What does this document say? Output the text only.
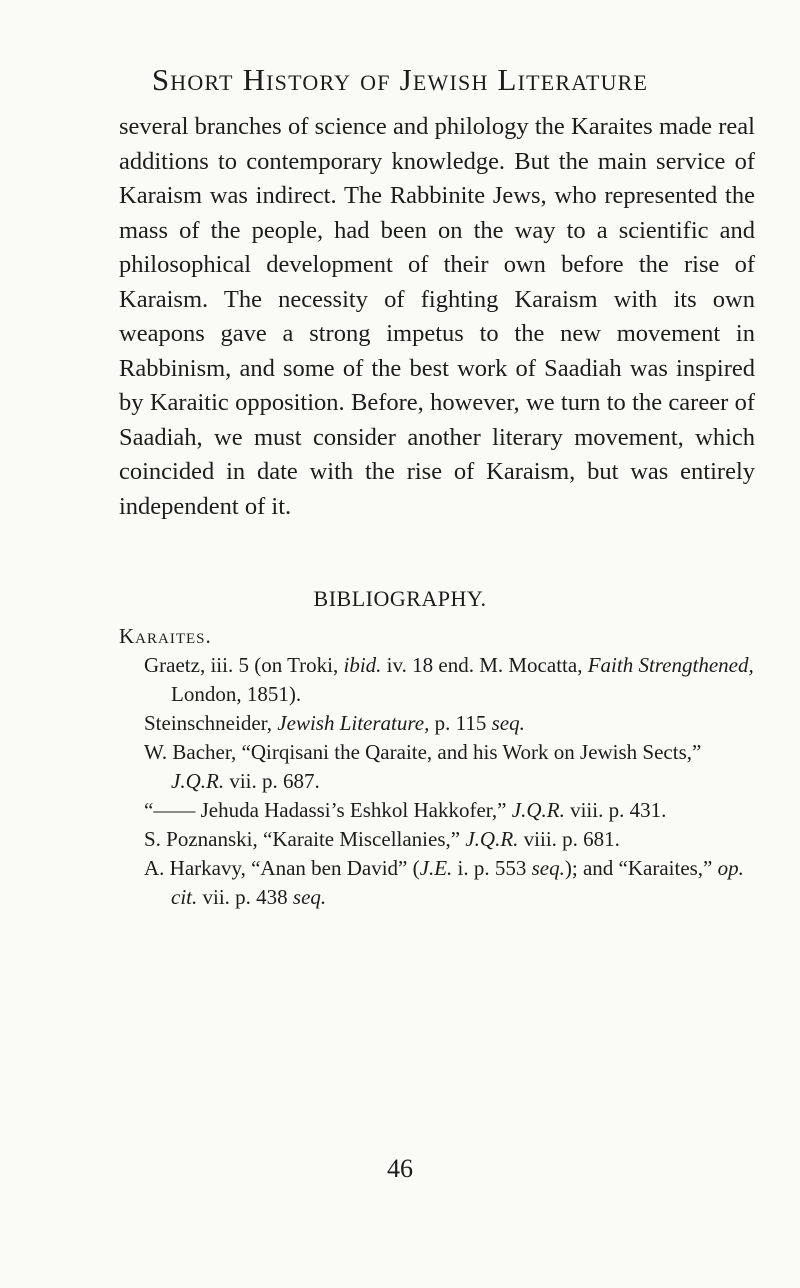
Short History of Jewish Literature

several branches of science and philology the Karaites made real additions to contemporary knowledge. But the main service of Karaism was indirect. The Rabbinite Jews, who represented the mass of the people, had been on the way to a scientific and philosophical development of their own before the rise of Karaism. The necessity of fighting Karaism with its own weapons gave a strong impetus to the new movement in Rabbinism, and some of the best work of Saadiah was inspired by Karaitic opposition. Before, however, we turn to the career of Saadiah, we must consider another literary movement, which coincided in date with the rise of Karaism, but was entirely independent of it.

BIBLIOGRAPHY.
Karaites.
Graetz, iii. 5 (on Troki, ibid. iv. 18 end. M. Mocatta, Faith Strengthened, London, 1851).
Steinschneider, Jewish Literature, p. 115 seq.
W. Bacher, “Qirqisani the Qaraite, and his Work on Jewish Sects,” J.Q.R. vii. p. 687.
“—— Jehuda Hadassi’s Eshkol Hakkofer,” J.Q.R. viii. p. 431.
S. Poznanski, “Karaite Miscellanies,” J.Q.R. viii. p. 681.
A. Harkavy, “Anan ben David” (J.E. i. p. 553 seq.); and “Karaites,” op. cit. vii. p. 438 seq.
46
